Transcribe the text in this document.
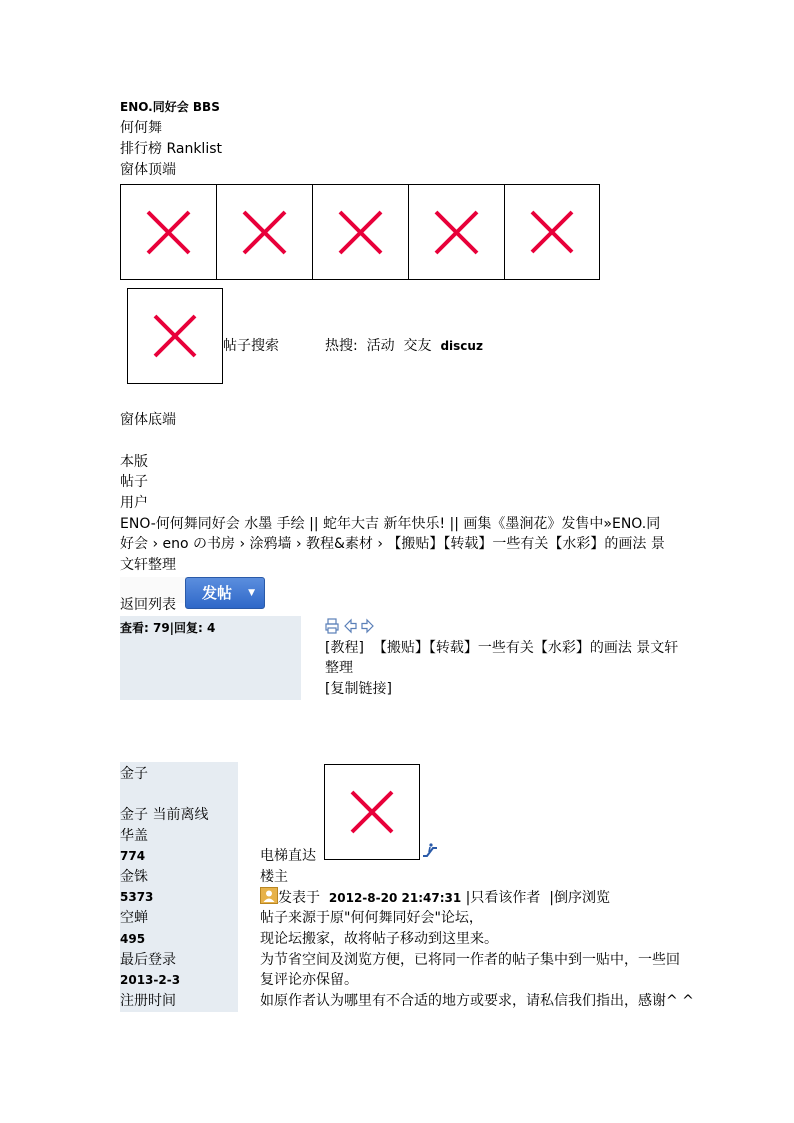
ENO.同好会 BBS
何何舞
排行榜 Ranklist
窗体顶端
帖子搜索	热搜: 活动 交友 discuz
窗体底端
本版
帖子
用户
ENO-何何舞同好会 水墨 手绘 || 蛇年大吉 新年快乐! || 画集《墨涧花》发售中»ENO.同
好会 › eno の书房 › 涂鸦墙 › 教程&素材 › 【搬贴】【转载】一些有关【水彩】的画法 景
文轩整理
发帖 ▼
返回列表
查看: 79|回复: 4
[教程] 【搬贴】【转载】一些有关【水彩】的画法 景文轩
整理
[复制链接]
金子
金子 当前离线
华盖
774
金铢
5373
空蝉
495
最后登录
2013-2-3
注册时间
电梯直达
楼主
发表于 2012-8-20 21:47:31 |只看该作者  |倒序浏览
帖子来源于原"何何舞同好会"论坛，
现论坛搬家，故将帖子移动到这里来。
为节省空间及浏览方便，已将同一作者的帖子集中到一贴中，一些回
复评论亦保留。
如原作者认为哪里有不合适的地方或要求，请私信我们指出，感谢^ ^
